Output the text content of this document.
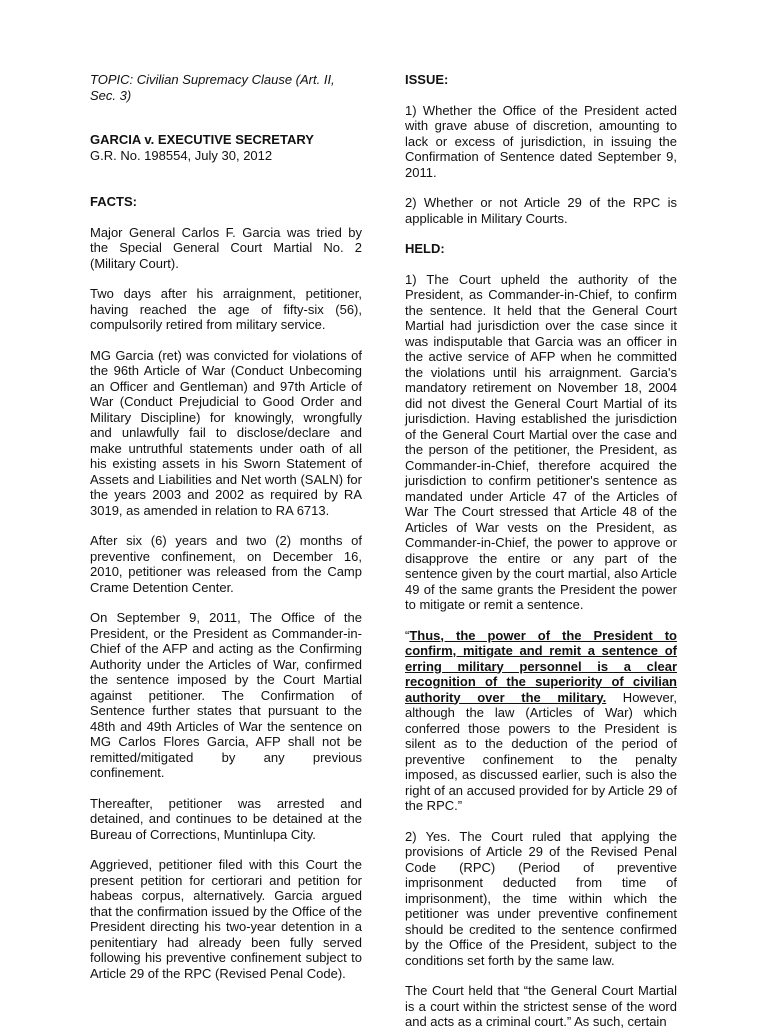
TOPIC: Civilian Supremacy Clause (Art. II, Sec. 3)

GARCIA v. EXECUTIVE SECRETARY

G.R. No. 198554, July 30, 2012

FACTS:

Major General Carlos F. Garcia was tried by the Special General Court Martial No. 2 (Military Court).

Two days after his arraignment, petitioner, having reached the age of fifty-six (56), compulsorily retired from military service.

MG Garcia (ret) was convicted for violations of the 96th Article of War (Conduct Unbecoming an Officer and Gentleman) and 97th Article of War (Conduct Prejudicial to Good Order and Military Discipline) for knowingly, wrongfully and unlawfully fail to disclose/declare and make untruthful statements under oath of all his existing assets in his Sworn Statement of Assets and Liabilities and Net worth (SALN) for the years 2003 and 2002 as required by RA 3019, as amended in relation to RA 6713.

After six (6) years and two (2) months of preventive confinement, on December 16, 2010, petitioner was released from the Camp Crame Detention Center.

On September 9, 2011, The Office of the President, or the President as Commander-in-Chief of the AFP and acting as the Confirming Authority under the Articles of War, confirmed the sentence imposed by the Court Martial against petitioner. The Confirmation of Sentence further states that pursuant to the 48th and 49th Articles of War the sentence on MG Carlos Flores Garcia, AFP shall not be remitted/mitigated by any previous confinement.

Thereafter, petitioner was arrested and detained, and continues to be detained at the Bureau of Corrections, Muntinlupa City.

Aggrieved, petitioner filed with this Court the present petition for certiorari and petition for habeas corpus, alternatively. Garcia argued that the confirmation issued by the Office of the President directing his two-year detention in a penitentiary had already been fully served following his preventive confinement subject to Article 29 of the RPC (Revised Penal Code).

ISSUE:

1) Whether the Office of the President acted with grave abuse of discretion, amounting to lack or excess of jurisdiction, in issuing the Confirmation of Sentence dated September 9, 2011.

2) Whether or not Article 29 of the RPC is applicable in Military Courts.

HELD:

1) The Court upheld the authority of the President, as Commander-in-Chief, to confirm the sentence. It held that the General Court Martial had jurisdiction over the case since it was indisputable that Garcia was an officer in the active service of AFP when he committed the violations until his arraignment. Garcia's mandatory retirement on November 18, 2004 did not divest the General Court Martial of its jurisdiction. Having established the jurisdiction of the General Court Martial over the case and the person of the petitioner, the President, as Commander-in-Chief, therefore acquired the jurisdiction to confirm petitioner's sentence as mandated under Article 47 of the Articles of War The Court stressed that Article 48 of the Articles of War vests on the President, as Commander-in-Chief, the power to approve or disapprove the entire or any part of the sentence given by the court martial, also Article 49 of the same grants the President the power to mitigate or remit a sentence.

“Thus, the power of the President to confirm, mitigate and remit a sentence of erring military personnel is a clear recognition of the superiority of civilian authority over the military. However, although the law (Articles of War) which conferred those powers to the President is silent as to the deduction of the period of preventive confinement to the penalty imposed, as discussed earlier, such is also the right of an accused provided for by Article 29 of the RPC.”

2) Yes. The Court ruled that applying the provisions of Article 29 of the Revised Penal Code (RPC) (Period of preventive imprisonment deducted from time of imprisonment), the time within which the petitioner was under preventive confinement should be credited to the sentence confirmed by the Office of the President, subject to the conditions set forth by the same law.

The Court held that “the General Court Martial is a court within the strictest sense of the word and acts as a criminal court.” As such, certain
